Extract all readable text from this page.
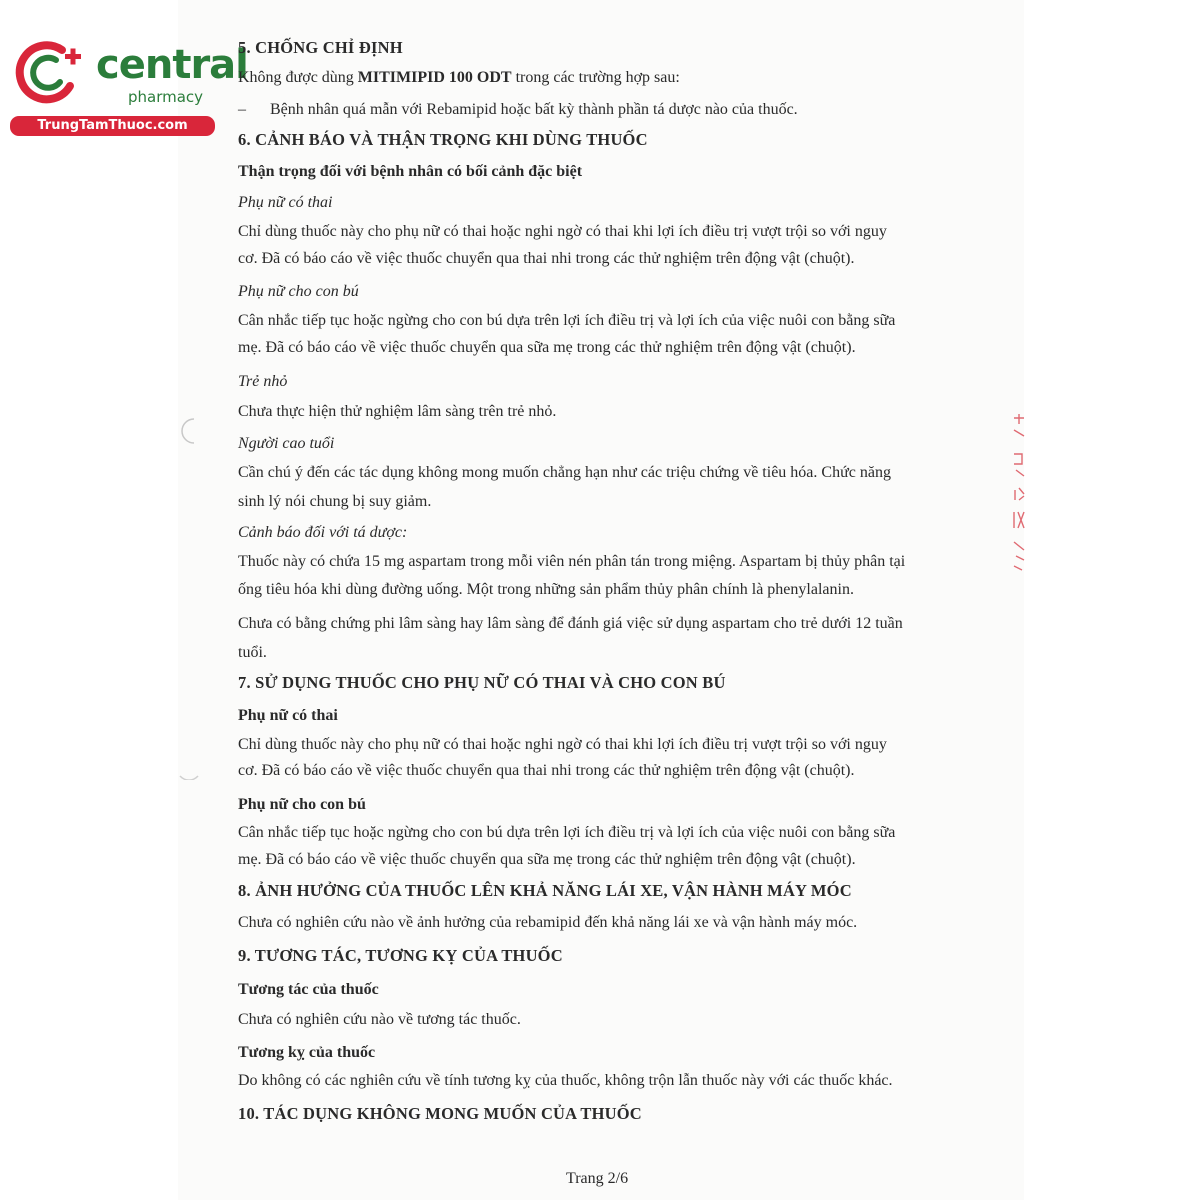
central
pharmacy
TrungTamThuoc.com
5. CHỐNG CHỈ ĐỊNH
Không được dùng MITIMIPID 100 ODT trong các trường hợp sau:
– Bệnh nhân quá mẫn với Rebamipid hoặc bất kỳ thành phần tá dược nào của thuốc.
6. CẢNH BÁO VÀ THẬN TRỌNG KHI DÙNG THUỐC
Thận trọng đối với bệnh nhân có bối cảnh đặc biệt
Phụ nữ có thai
Chỉ dùng thuốc này cho phụ nữ có thai hoặc nghi ngờ có thai khi lợi ích điều trị vượt trội so với nguy
cơ. Đã có báo cáo về việc thuốc chuyển qua thai nhi trong các thử nghiệm trên động vật (chuột).
Phụ nữ cho con bú
Cân nhắc tiếp tục hoặc ngừng cho con bú dựa trên lợi ích điều trị và lợi ích của việc nuôi con bằng sữa
mẹ. Đã có báo cáo về việc thuốc chuyển qua sữa mẹ trong các thử nghiệm trên động vật (chuột).
Trẻ nhỏ
Chưa thực hiện thử nghiệm lâm sàng trên trẻ nhỏ.
Người cao tuổi
Cần chú ý đến các tác dụng không mong muốn chẳng hạn như các triệu chứng về tiêu hóa. Chức năng
sinh lý nói chung bị suy giảm.
Cảnh báo đối với tá dược:
Thuốc này có chứa 15 mg aspartam trong mỗi viên nén phân tán trong miệng. Aspartam bị thủy phân tại
ống tiêu hóa khi dùng đường uống. Một trong những sản phẩm thủy phân chính là phenylalanin.
Chưa có bằng chứng phi lâm sàng hay lâm sàng để đánh giá việc sử dụng aspartam cho trẻ dưới 12 tuần
tuổi.
7. SỬ DỤNG THUỐC CHO PHỤ NỮ CÓ THAI VÀ CHO CON BÚ
Phụ nữ có thai
Chỉ dùng thuốc này cho phụ nữ có thai hoặc nghi ngờ có thai khi lợi ích điều trị vượt trội so với nguy
cơ. Đã có báo cáo về việc thuốc chuyển qua thai nhi trong các thử nghiệm trên động vật (chuột).
Phụ nữ cho con bú
Cân nhắc tiếp tục hoặc ngừng cho con bú dựa trên lợi ích điều trị và lợi ích của việc nuôi con bằng sữa
mẹ. Đã có báo cáo về việc thuốc chuyển qua sữa mẹ trong các thử nghiệm trên động vật (chuột).
8. ẢNH HƯỞNG CỦA THUỐC LÊN KHẢ NĂNG LÁI XE, VẬN HÀNH MÁY MÓC
Chưa có nghiên cứu nào về ảnh hưởng của rebamipid đến khả năng lái xe và vận hành máy móc.
9. TƯƠNG TÁC, TƯƠNG KỴ CỦA THUỐC
Tương tác của thuốc
Chưa có nghiên cứu nào về tương tác thuốc.
Tương kỵ của thuốc
Do không có các nghiên cứu về tính tương kỵ của thuốc, không trộn lẫn thuốc này với các thuốc khác.
10. TÁC DỤNG KHÔNG MONG MUỐN CỦA THUỐC
Trang 2/6
